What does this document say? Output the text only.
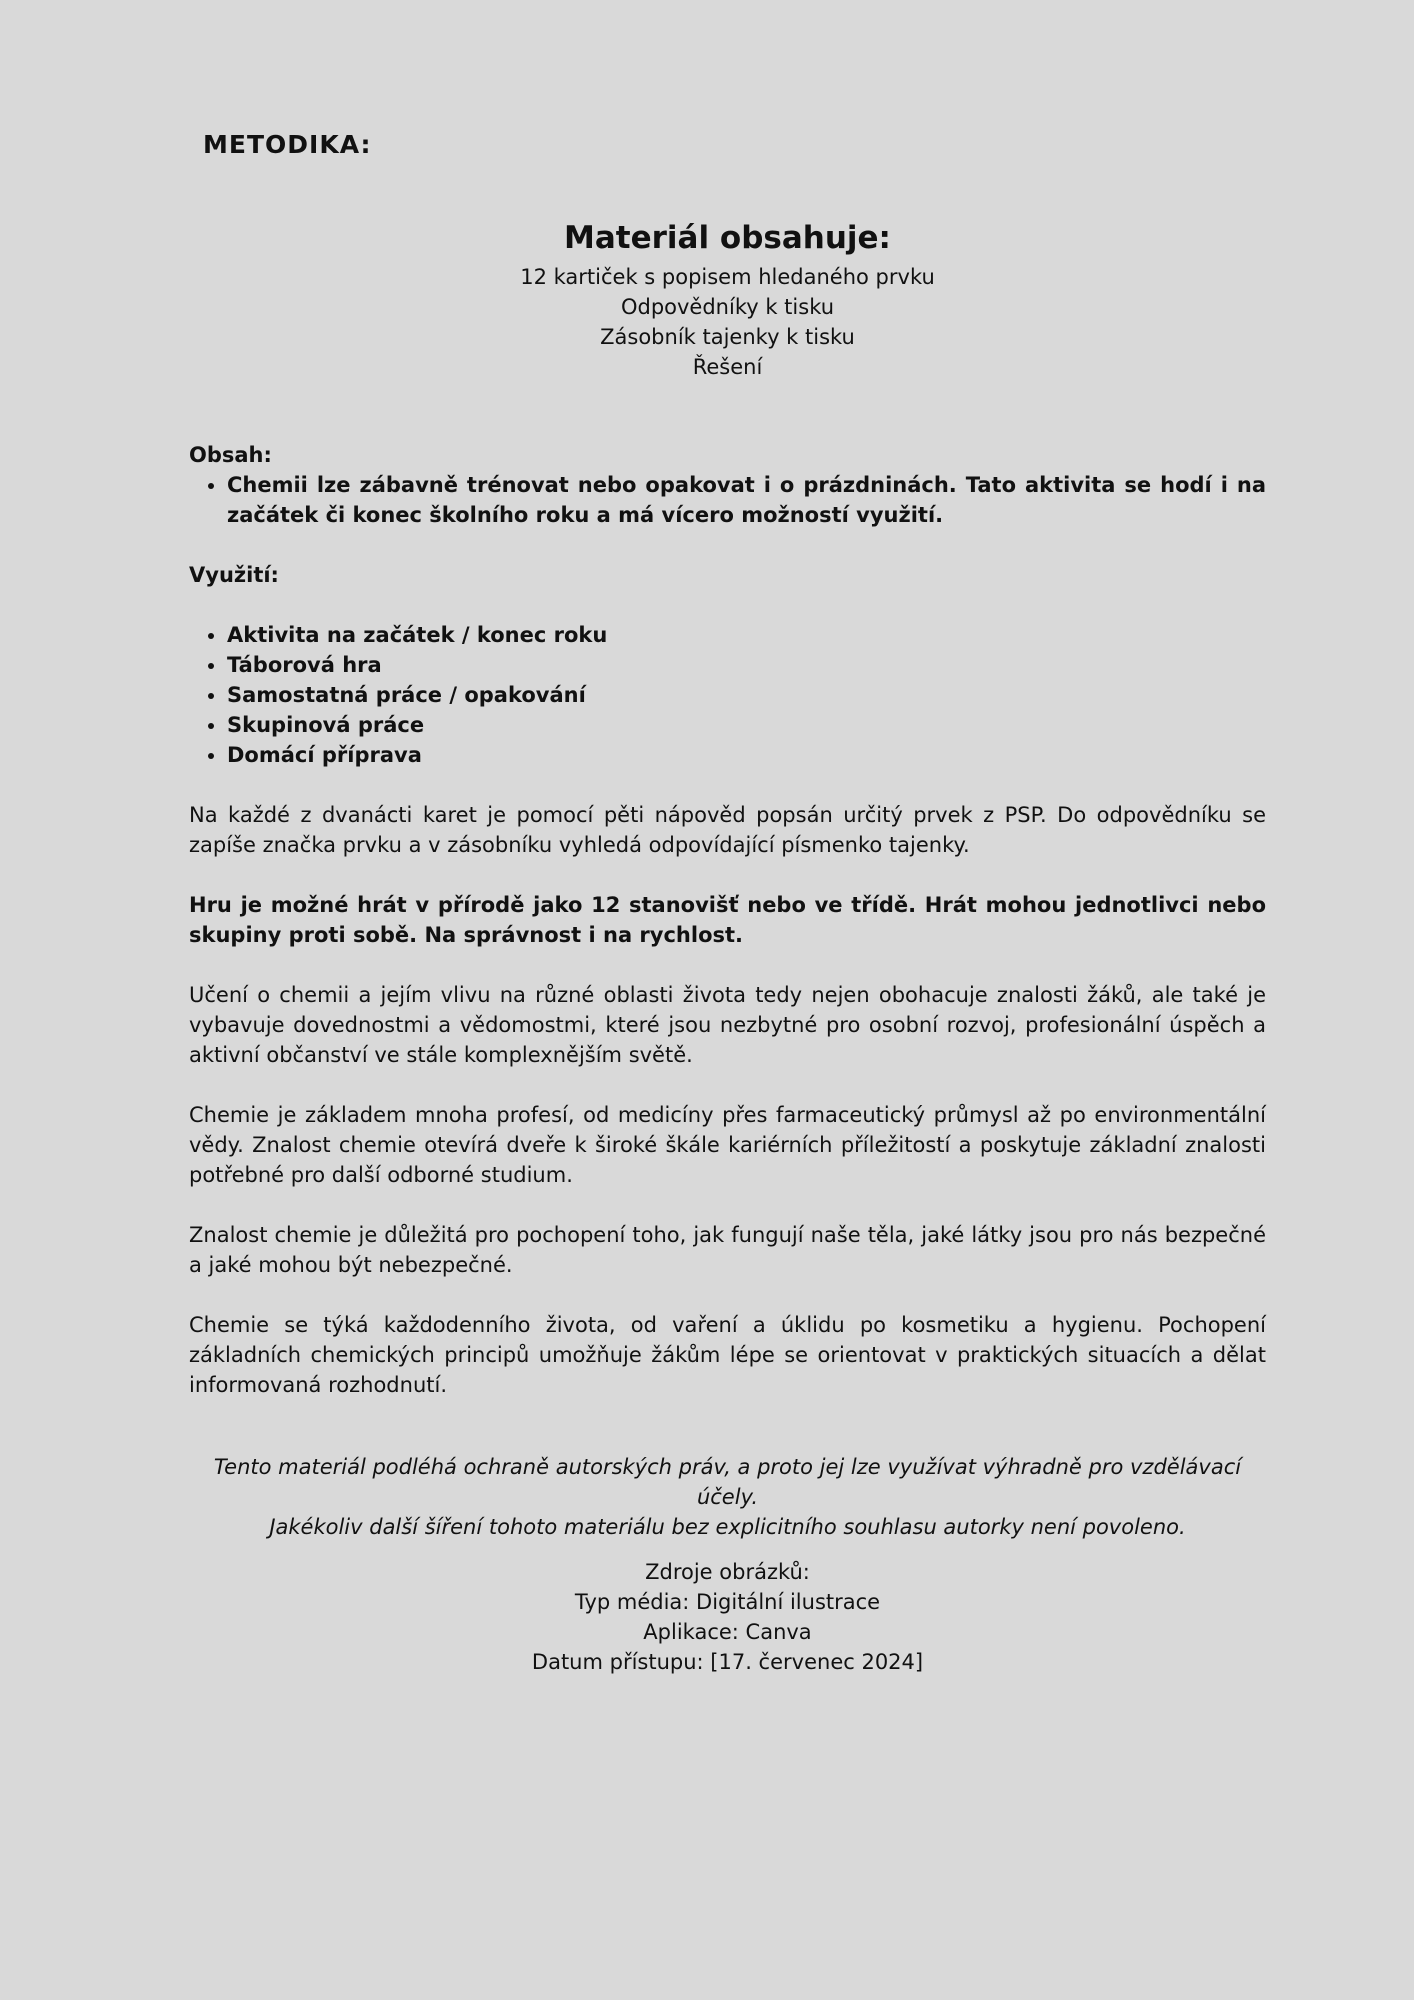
METODIKA:
Materiál obsahuje:
12 kartiček s popisem hledaného prvku
Odpovědníky k tisku
Zásobník tajenky k tisku
Řešení

Obsah:

• Chemii lze zábavně trénovat nebo opakovat i o prázdninách. Tato aktivita se hodí i na začátek či konec školního roku a má vícero možností využití.

Využití:

• Aktivita na začátek / konec roku
• Táborová hra
• Samostatná práce / opakování
• Skupinová práce
• Domácí příprava

Na každé z dvanácti karet je pomocí pěti nápověd popsán určitý prvek z PSP. Do odpovědníku se zapíše značka prvku a v zásobníku vyhledá odpovídající písmenko tajenky.

Hru je možné hrát v přírodě jako 12 stanovišť nebo ve třídě. Hrát mohou jednotlivci nebo skupiny proti sobě. Na správnost i na rychlost.

Učení o chemii a jejím vlivu na různé oblasti života tedy nejen obohacuje znalosti žáků, ale také je vybavuje dovednostmi a vědomostmi, které jsou nezbytné pro osobní rozvoj, profesionální úspěch a aktivní občanství ve stále komplexnějším světě.

Chemie je základem mnoha profesí, od medicíny přes farmaceutický průmysl až po environmentální vědy. Znalost chemie otevírá dveře k široké škále kariérních příležitostí a poskytuje základní znalosti potřebné pro další odborné studium.

Znalost chemie je důležitá pro pochopení toho, jak fungují naše těla, jaké látky jsou pro nás bezpečné a jaké mohou být nebezpečné.

Chemie se týká každodenního života, od vaření a úklidu po kosmetiku a hygienu. Pochopení základních chemických principů umožňuje žákům lépe se orientovat v praktických situacích a dělat informovaná rozhodnutí.

Tento materiál podléhá ochraně autorských práv, a proto jej lze využívat výhradně pro vzdělávací účely.
Jakékoliv další šíření tohoto materiálu bez explicitního souhlasu autorky není povoleno.
Zdroje obrázků:
Typ média: Digitální ilustrace
Aplikace: Canva
Datum přístupu: [17. červenec 2024]
